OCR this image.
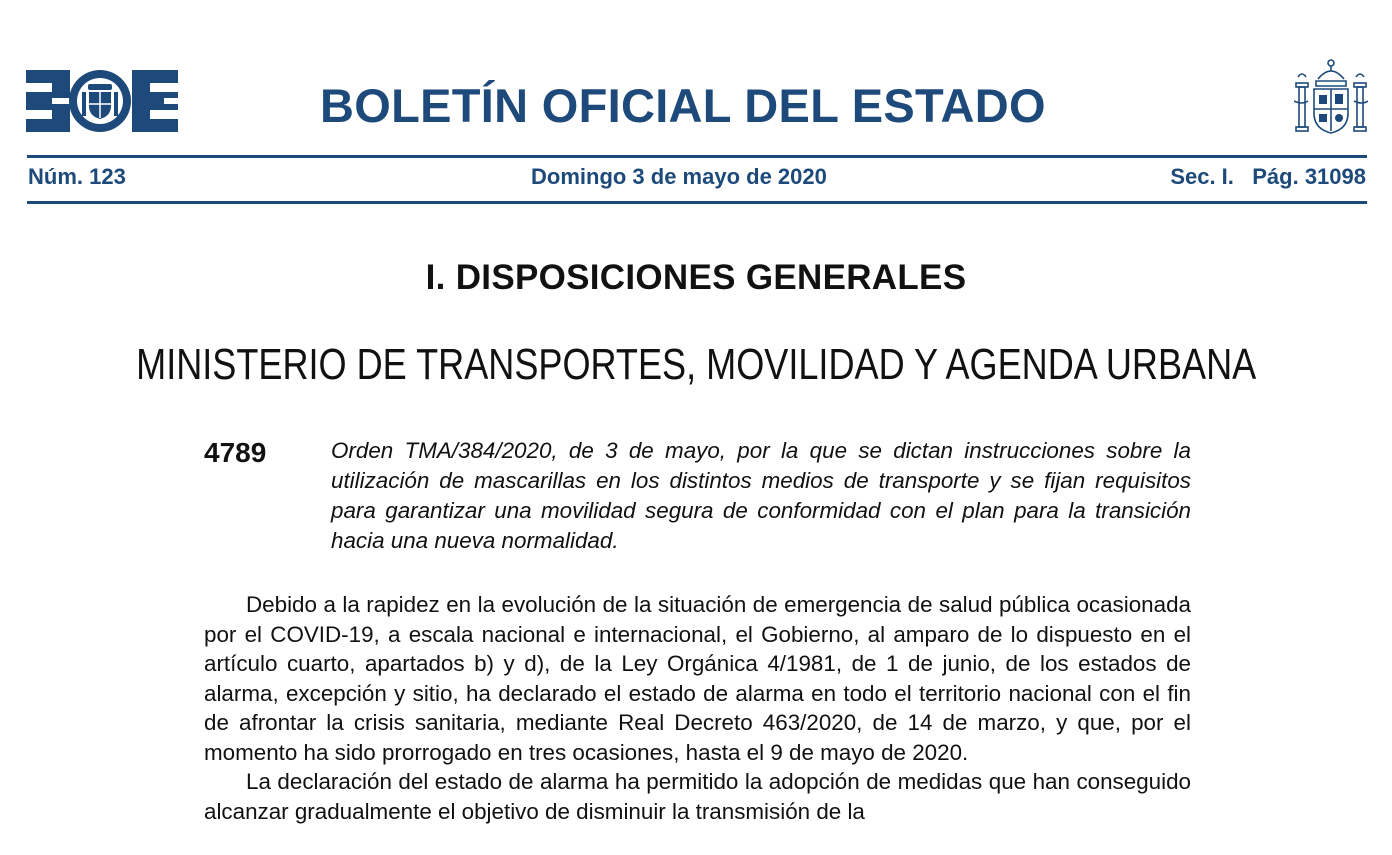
BOLETÍN OFICIAL DEL ESTADO
Núm. 123	Domingo 3 de mayo de 2020	Sec. I.   Pág. 31098
I. DISPOSICIONES GENERALES
MINISTERIO DE TRANSPORTES, MOVILIDAD Y AGENDA URBANA
4789	Orden TMA/384/2020, de 3 de mayo, por la que se dictan instrucciones sobre la utilización de mascarillas en los distintos medios de transporte y se fijan requisitos para garantizar una movilidad segura de conformidad con el plan para la transición hacia una nueva normalidad.

Debido a la rapidez en la evolución de la situación de emergencia de salud pública ocasionada por el COVID-19, a escala nacional e internacional, el Gobierno, al amparo de lo dispuesto en el artículo cuarto, apartados b) y d), de la Ley Orgánica 4/1981, de 1 de junio, de los estados de alarma, excepción y sitio, ha declarado el estado de alarma en todo el territorio nacional con el fin de afrontar la crisis sanitaria, mediante Real Decreto 463/2020, de 14 de marzo, y que, por el momento ha sido prorrogado en tres ocasiones, hasta el 9 de mayo de 2020.

La declaración del estado de alarma ha permitido la adopción de medidas que han conseguido alcanzar gradualmente el objetivo de disminuir la transmisión de la
